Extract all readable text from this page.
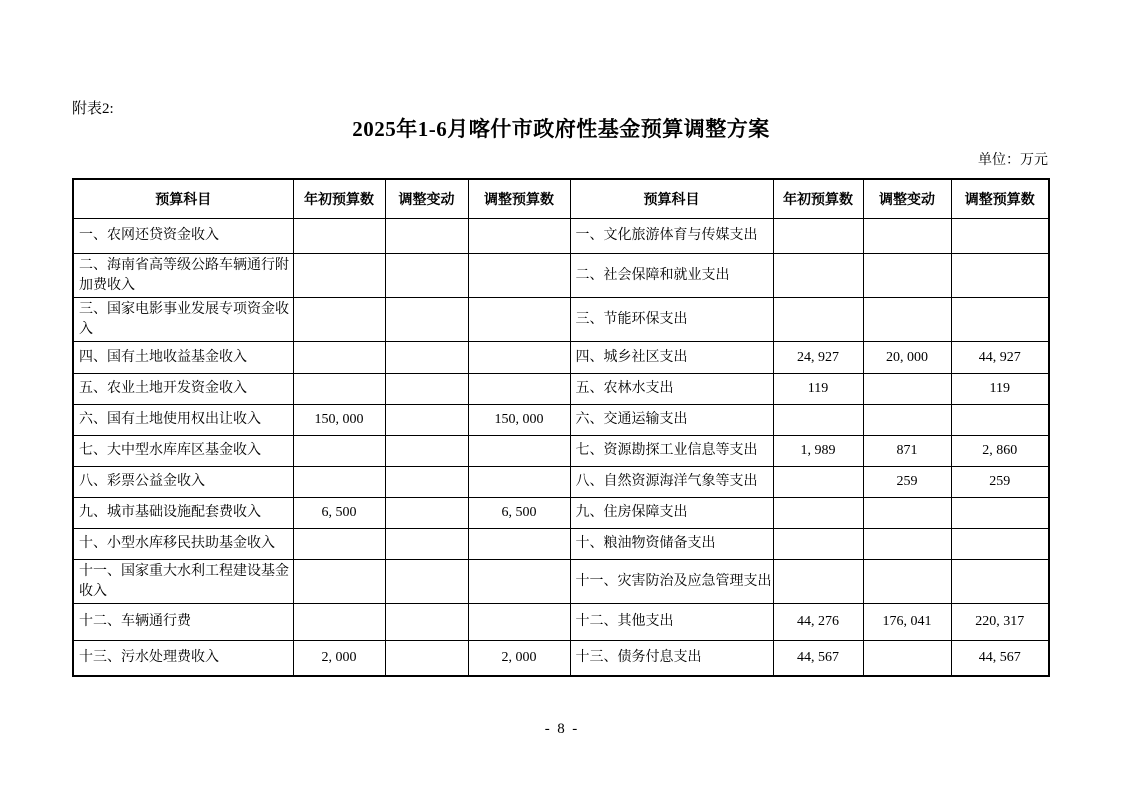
附表2:
2025年1-6月喀什市政府性基金预算调整方案
单位：万元
预算科目	年初预算数	调整变动	调整预算数	预算科目	年初预算数	调整变动	调整预算数
一、农网还贷资金收入				一、文化旅游体育与传媒支出			
二、海南省高等级公路车辆通行附加费收入				二、社会保障和就业支出			
三、国家电影事业发展专项资金收入				三、节能环保支出			
四、国有土地收益基金收入				四、城乡社区支出	24, 927	20, 000	44, 927
五、农业土地开发资金收入				五、农林水支出	119		119
六、国有土地使用权出让收入	150, 000		150, 000	六、交通运输支出			
七、大中型水库库区基金收入				七、资源勘探工业信息等支出	1, 989	871	2, 860
八、彩票公益金收入				八、自然资源海洋气象等支出		259	259
九、城市基础设施配套费收入	6, 500		6, 500	九、住房保障支出			
十、小型水库移民扶助基金收入				十、粮油物资储备支出			
十一、国家重大水利工程建设基金收入				十一、灾害防治及应急管理支出			
十二、车辆通行费				十二、其他支出	44, 276	176, 041	220, 317
十三、污水处理费收入	2, 000		2, 000	十三、债务付息支出	44, 567		44, 567
-  8  -
